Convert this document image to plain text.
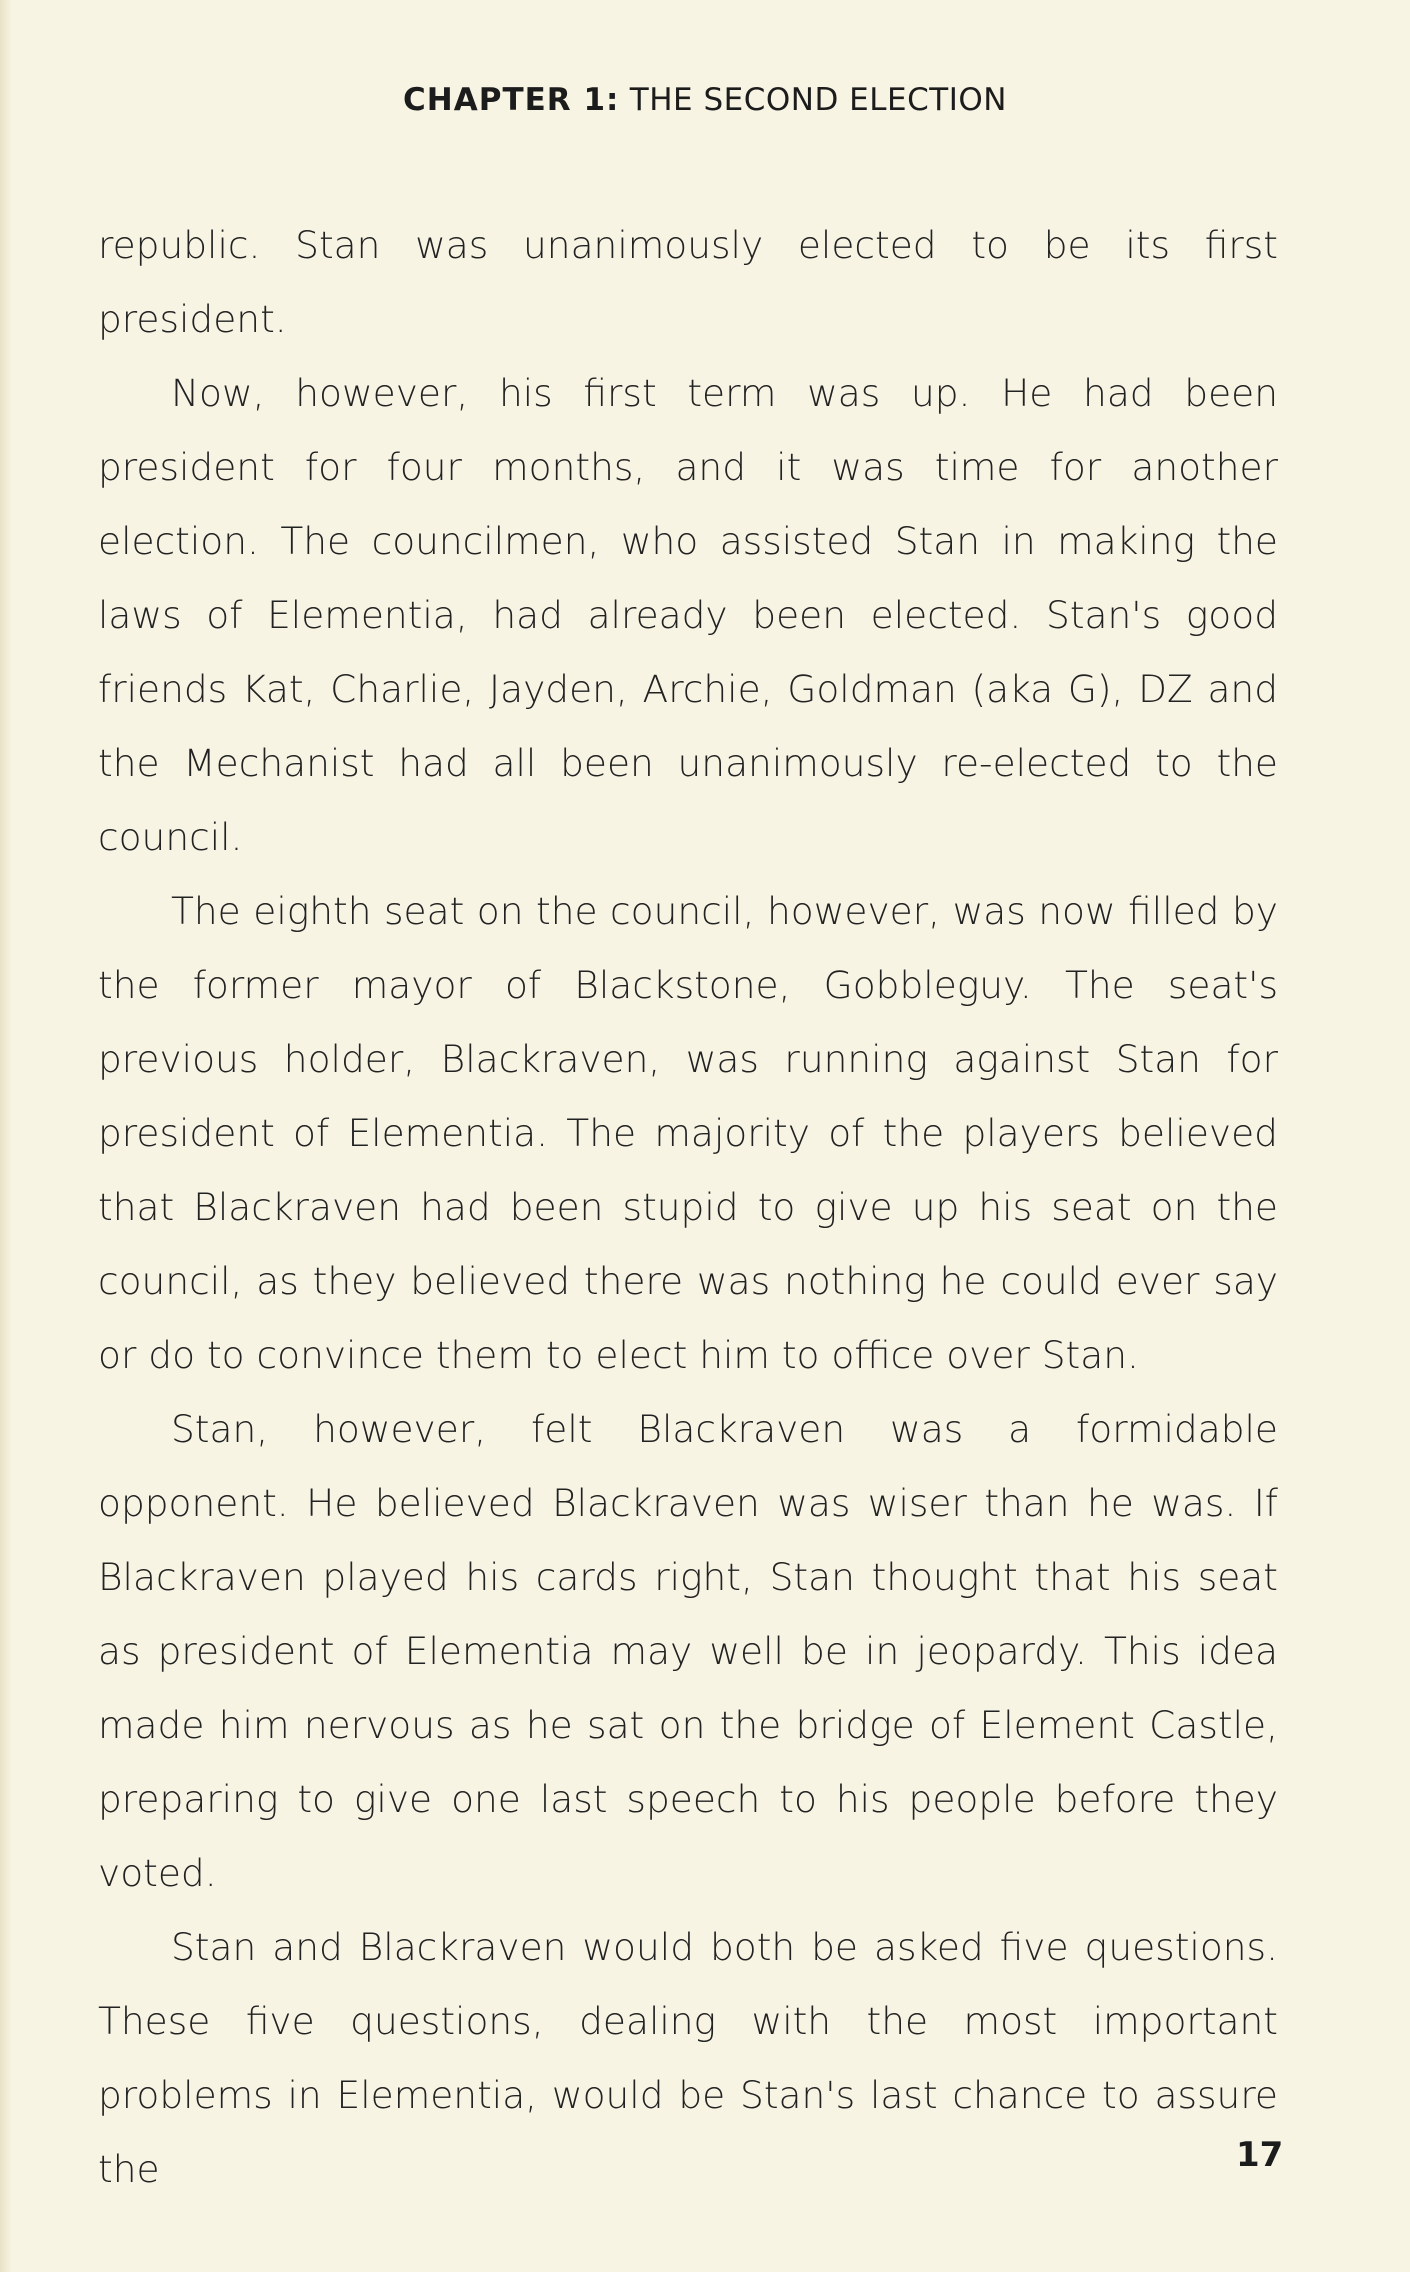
CHAPTER 1: THE SECOND ELECTION

republic. Stan was unanimously elected to be its first president.

Now, however, his first term was up. He had been president for four months, and it was time for another election. The councilmen, who assisted Stan in making the laws of Elementia, had already been elected. Stan's good friends Kat, Charlie, Jayden, Archie, Goldman (aka G), DZ and the Mechanist had all been unanimously re-elected to the council.

The eighth seat on the council, however, was now filled by the former mayor of Blackstone, Gobbleguy. The seat's previous holder, Blackraven, was running against Stan for president of Elementia. The majority of the players believed that Blackraven had been stupid to give up his seat on the council, as they believed there was nothing he could ever say or do to convince them to elect him to office over Stan.

Stan, however, felt Blackraven was a formidable opponent. He believed Blackraven was wiser than he was. If Blackraven played his cards right, Stan thought that his seat as president of Elementia may well be in jeopardy. This idea made him nervous as he sat on the bridge of Element Castle, preparing to give one last speech to his people before they voted.

Stan and Blackraven would both be asked five questions. These five questions, dealing with the most important problems in Elementia, would be Stan's last chance to assure the	17
